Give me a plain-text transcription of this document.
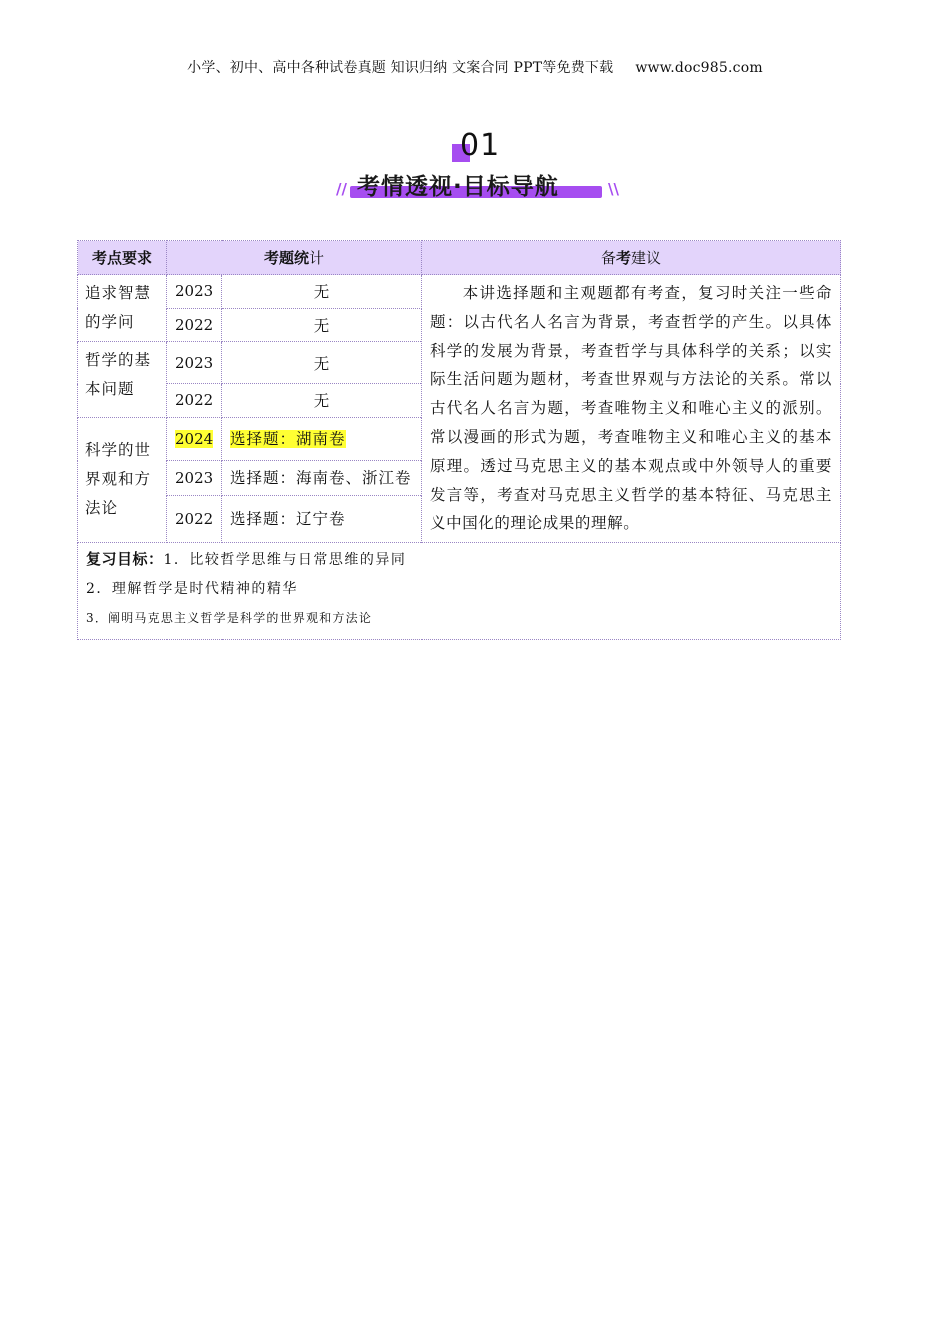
小学、初中、高中各种试卷真题 知识归纳 文案合同 PPT等免费下载 www.doc985.com
01
// 考情透视·目标导航	\\
考点要求	考题统计		备考建议
追求智慧的学问	2023	无	本讲选择题和主观题都有考查，复习时关注一些命题：以古代名人名言为背景，考查哲学的产生。以具体科学的发展为背景，考查哲学与具体科学的关系；以实际生活问题为题材，考查世界观与方法论的关系。常以古代名人名言为题，考查唯物主义和唯心主义的派别。常以漫画的形式为题，考查唯物主义和唯心主义的基本原理。透过马克思主义的基本观点或中外领导人的重要发言等，考查对马克思主义哲学的基本特征、马克思主义中国化的理论成果的理解。
	2022	无	
哲学的基本问题	2023	无	
	2022	无	
科学的世界观和方法论	2024	选择题：湖南卷	
	2023	选择题：海南卷、浙江卷	
	2022	选择题：辽宁卷	

复习目标：1．比较哲学思维与日常思维的异同
2．理解哲学是时代精神的精华
3．阐明马克思主义哲学是科学的世界观和方法论			
